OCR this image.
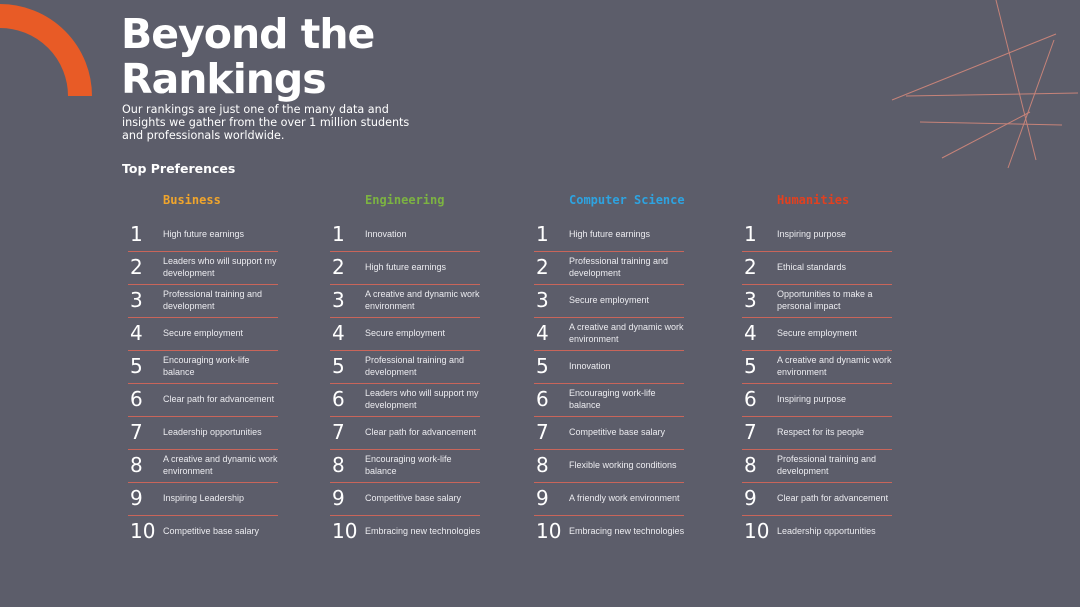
Beyond the
Rankings

Our rankings are just one of the many data and insights we gather from the over 1 million students and professionals worldwide.

Top Preferences

Business
1 High future earnings
2 Leaders who will support my development
3 Professional training and development
4 Secure employment
5 Encouraging work-life balance
6 Clear path for advancement
7 Leadership opportunities
8 A creative and dynamic work environment
9 Inspiring Leadership
10 Competitive base salary
Engineering
1 Innovation
2 High future earnings
3 A creative and dynamic work environment
4 Secure employment
5 Professional training and development
6 Leaders who will support my development
7 Clear path for advancement
8 Encouraging work-life balance
9 Competitive base salary
10 Embracing new technologies
Computer Science
1 High future earnings
2 Professional training and development
3 Secure employment
4 A creative and dynamic work environment
5 Innovation
6 Encouraging work-life balance
7 Competitive base salary
8 Flexible working conditions
9 A friendly work environment
10 Embracing new technologies
Humanities
1 Inspiring purpose
2 Ethical standards
3 Opportunities to make a personal impact
4 Secure employment
5 A creative and dynamic work environment
6 Inspiring purpose
7 Respect for its people
8 Professional training and development
9 Clear path for advancement
10 Leadership opportunities
